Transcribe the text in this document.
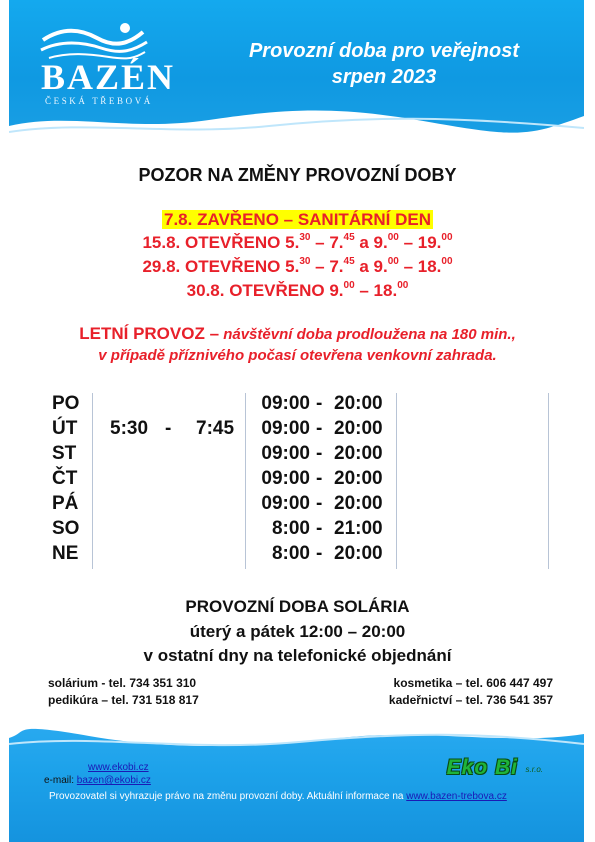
BAZÉN
ČESKÁ TŘEBOVÁ
Provozní doba pro veřejnost
srpen 2023
POZOR NA ZMĚNY PROVOZNÍ DOBY
7.8. ZAVŘENO – SANITÁRNÍ DEN
15.8. OTEVŘENO 5.30 – 7.45 a 9.00 – 19.00
29.8. OTEVŘENO 5.30 – 7.45 a 9.00 – 18.00
30.8. OTEVŘENO 9.00 – 18.00
LETNÍ PROVOZ – návštěvní doba prodloužena na 180 min.,
v případě příznivého počasí otevřena venkovní zahrada.
PO	09:00 - 20:00
ÚT 5:30 - 7:45	09:00 - 20:00
ST	09:00 - 20:00
ČT	09:00 - 20:00
PÁ	09:00 - 20:00
SO	8:00 - 21:00
NE	8:00 - 20:00
PROVOZNÍ DOBA SOLÁRIA
úterý a pátek 12:00 – 20:00
v ostatní dny na telefonické objednání
solárium - tel. 734 351 310
pedikúra – tel. 731 518 817
kosmetika – tel. 606 447 497
kadeřnictví – tel. 736 541 357
www.ekobi.cz
e-mail: bazen@ekobi.cz
Eko Bi s.r.o.
Provozovatel si vyhrazuje právo na změnu provozní doby. Aktuální informace na www.bazen-trebova.cz
